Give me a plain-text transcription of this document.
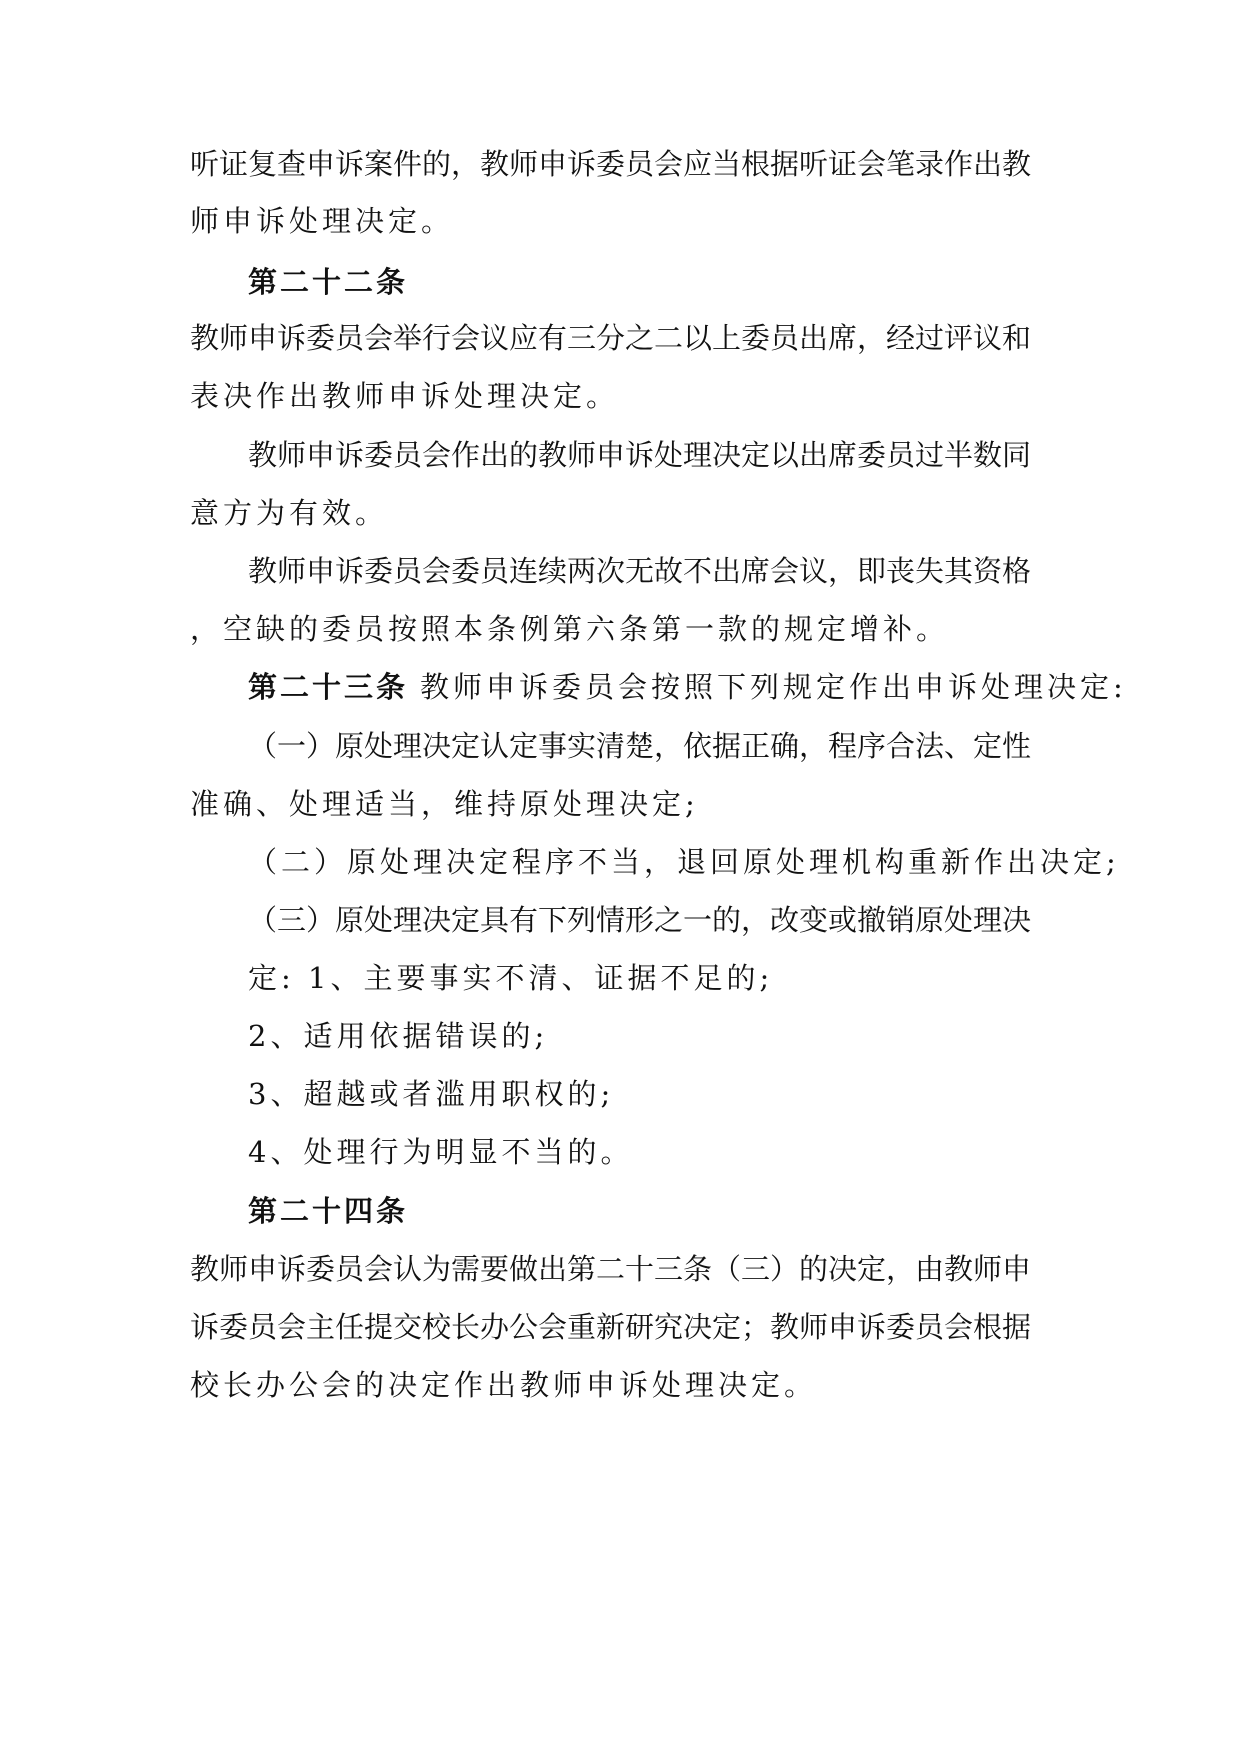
听证复查申诉案件的，教师申诉委员会应当根据听证会笔录作出教
师申诉处理决定。
第二十二条
教师申诉委员会举行会议应有三分之二以上委员出席，经过评议和
表决作出教师申诉处理决定。
教师申诉委员会作出的教师申诉处理决定以出席委员过半数同
意方为有效。
教师申诉委员会委员连续两次无故不出席会议，即丧失其资格
，空缺的委员按照本条例第六条第一款的规定增补。
第二十三条 教师申诉委员会按照下列规定作出申诉处理决定:
（一）原处理决定认定事实清楚，依据正确，程序合法、定性
准确、处理适当，维持原处理决定;
（二）原处理决定程序不当，退回原处理机构重新作出决定;
（三）原处理决定具有下列情形之一的，改变或撤销原处理决
定: 1、主要事实不清、证据不足的;
2、适用依据错误的;
3、超越或者滥用职权的;
4、处理行为明显不当的。
第二十四条
教师申诉委员会认为需要做出第二十三条（三）的决定，由教师申
诉委员会主任提交校长办公会重新研究决定；教师申诉委员会根据
校长办公会的决定作出教师申诉处理决定。
